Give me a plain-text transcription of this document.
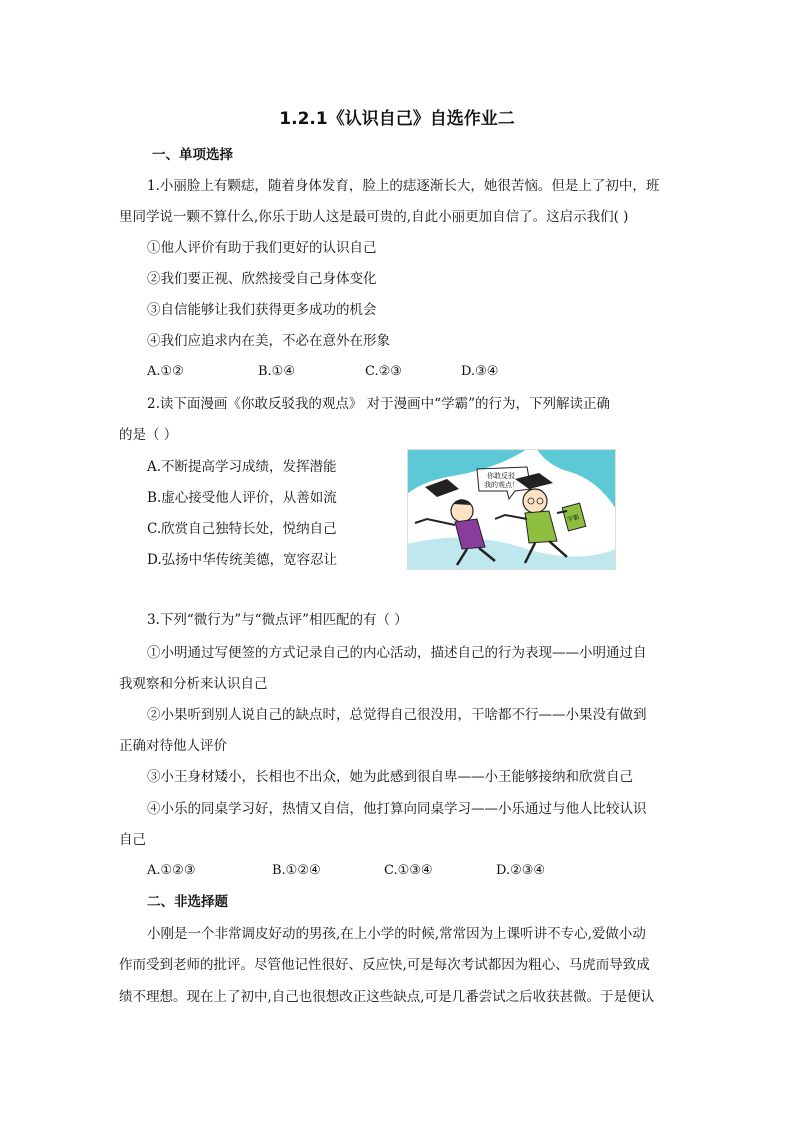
1.2.1《认识自己》自选作业二
一、单项选择
1.小丽脸上有颗痣，随着身体发育，脸上的痣逐渐长大，她很苦恼。但是上了初中，班
里同学说一颗不算什么,你乐于助人这是最可贵的,自此小丽更加自信了。这启示我们( )
①他人评价有助于我们更好的认识自己
②我们要正视、欣然接受自己身体变化
③自信能够让我们获得更多成功的机会
④我们应追求内在美，不必在意外在形象
A.①②	B.①④	C.②③	D.③④
2.读下面漫画《你敢反驳我的观点》 对于漫画中“学霸”的行为，下列解读正确
的是（ ）
A.不断提高学习成绩，发挥潜能
B.虚心接受他人评价，从善如流
C.欣赏自己独特长处，悦纳自己
D.弘扬中华传统美德，宽容忍让
你敢反驳
我的观点！
学霸
3.下列“微行为”与“微点评”相匹配的有（ ）
①小明通过写便签的方式记录自己的内心活动，描述自己的行为表现——小明通过自
我观察和分析来认识自己
②小果听到别人说自己的缺点时，总觉得自己很没用，干啥都不行——小果没有做到
正确对待他人评价
③小王身材矮小，长相也不出众，她为此感到很自卑——小王能够接纳和欣赏自己
④小乐的同桌学习好，热情又自信，他打算向同桌学习——小乐通过与他人比较认识
自己
A.①②③	B.①②④	C.①③④	D.②③④
二、非选择题
小刚是一个非常调皮好动的男孩,在上小学的时候,常常因为上课听讲不专心,爱做小动
作而受到老师的批评。尽管他记性很好、反应快,可是每次考试都因为粗心、马虎而导致成
绩不理想。现在上了初中,自己也很想改正这些缺点,可是几番尝试之后收获甚微。于是便认
